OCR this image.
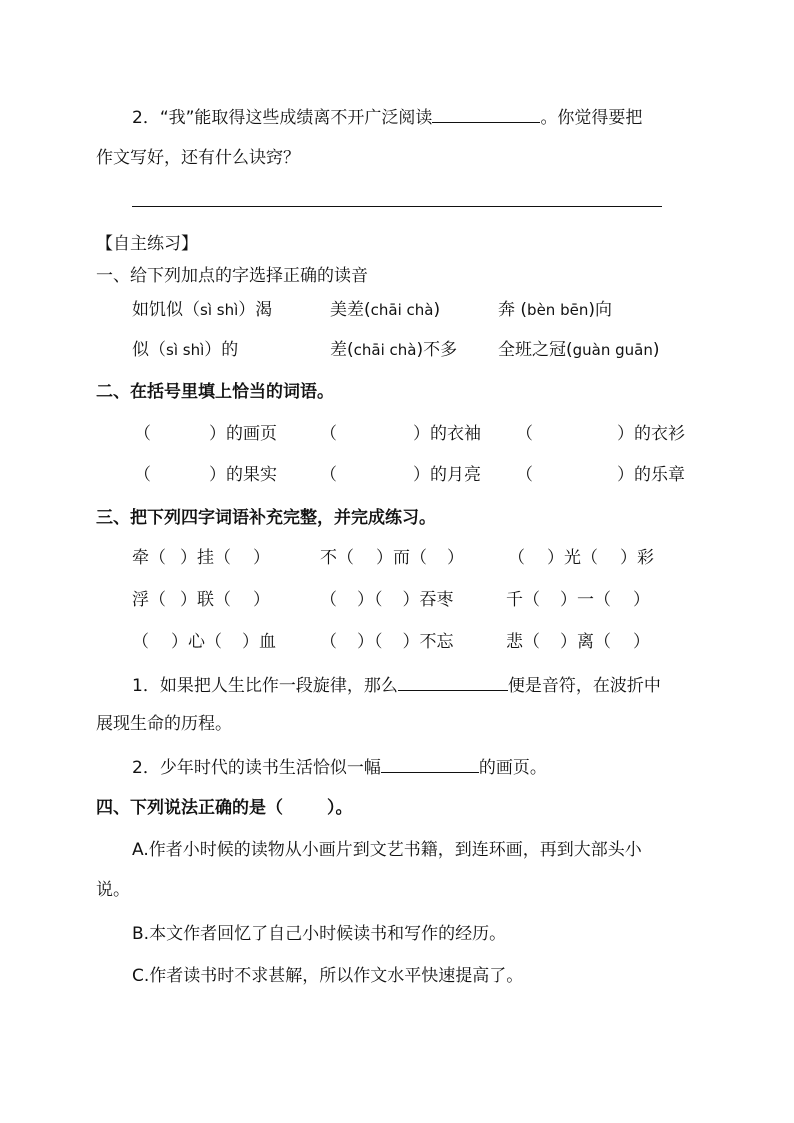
2．“我”能取得这些成绩离不开广泛阅读	。你觉得要把
作文写好，还有什么诀窍？
【自主练习】
一、给下列加点的字选择正确的读音
如饥似（sì shì）渴	美差(chāi chà)	奔 (bèn bēn)向
似（sì shì）的	差(chāi chà)不多 全班之冠(guàn guān)
二、在括号里填上恰当的词语。
（	）的画页	（	）的衣袖 （	）的衣衫
（	）的果实	（	）的月亮 （	）的乐章
三、把下列四字词语补充完整，并完成练习。
牵（ ）挂（ ）	不（ ）而（ ）	（ ）光（ ）彩
浮（ ）联（ ）	（ ）（ ）吞枣	千（ ）一（ ）
（ ）心（ ）血	（ ）（ ）不忘	悲（ ）离（ ）
1．如果把人生比作一段旋律，那么	便是音符，在波折中
展现生命的历程。
2．少年时代的读书生活恰似一幅	的画页。
四、下列说法正确的是（	）。
A.作者小时候的读物从小画片到文艺书籍，到连环画，再到大部头小
说。
B.本文作者回忆了自己小时候读书和写作的经历。
C.作者读书时不求甚解，所以作文水平快速提高了。
